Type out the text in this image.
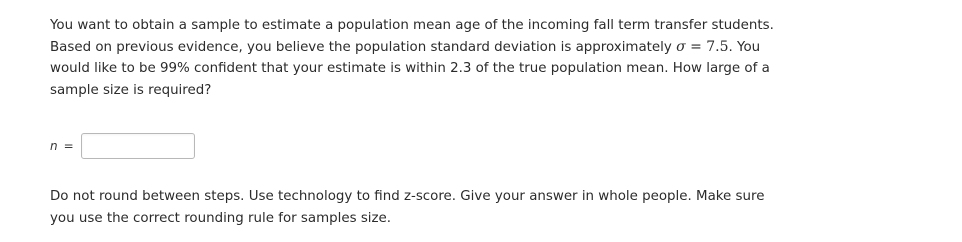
You want to obtain a sample to estimate a population mean age of the incoming fall term transfer students.
Based on previous evidence, you believe the population standard deviation is approximately σ = 7.5. You
would like to be 99% confident that your estimate is within 2.3 of the true population mean. How large of a
sample size is required?
n =
Do not round between steps. Use technology to find z-score. Give your answer in whole people. Make sure
you use the correct rounding rule for samples size.
